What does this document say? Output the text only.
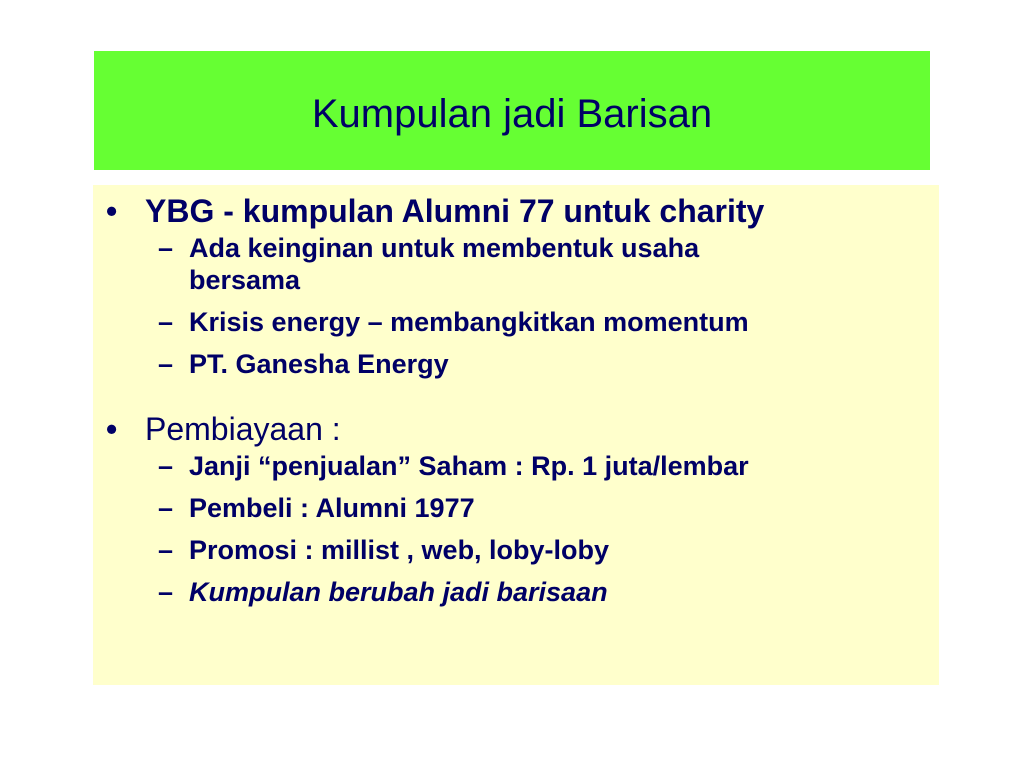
Kumpulan jadi Barisan
• YBG - kumpulan Alumni 77 untuk charity
– Ada keinginan untuk membentuk usaha bersama
– Krisis energy – membangkitkan momentum
– PT. Ganesha Energy
• Pembiayaan :
– Janji “penjualan” Saham : Rp. 1 juta/lembar
– Pembeli : Alumni 1977
– Promosi : millist , web, loby-loby
– Kumpulan berubah jadi barisaan
